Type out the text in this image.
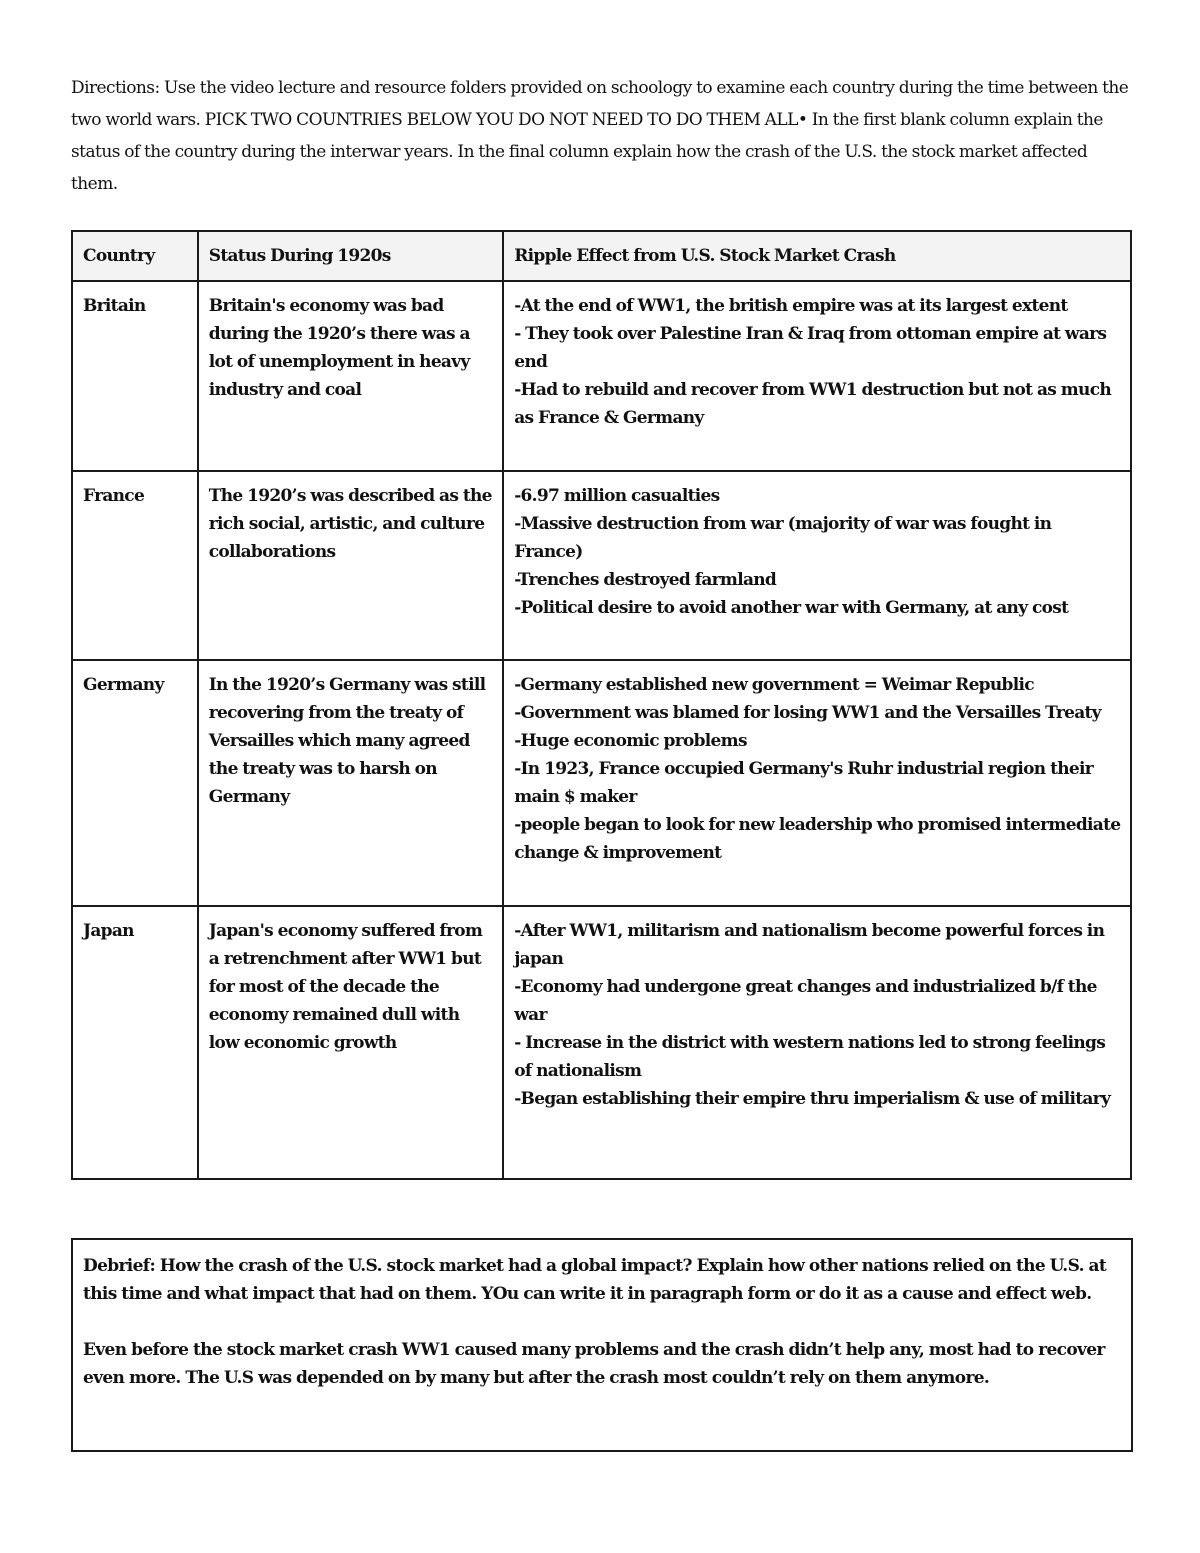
Directions: Use the video lecture and resource folders provided on schoology to examine each country during the time between the two world wars. PICK TWO COUNTRIES BELOW YOU DO NOT NEED TO DO THEM ALL• In the first blank column explain the status of the country during the interwar years. In the final column explain how the crash of the U.S. the stock market affected them.
Country	Status During 1920s	Ripple Effect from U.S. Stock Market Crash
Britain	Britain's economy was bad during the 1920’s there was a lot of unemployment in heavy industry and coal	-At the end of WW1, the british empire was at its largest extent
- They took over Palestine Iran & Iraq from ottoman empire at wars end
-Had to rebuild and recover from WW1 destruction but not as much as France & Germany

France	The 1920’s was described as the rich social, artistic, and culture collaborations	-6.97 million casualties
-Massive destruction from war (majority of war was fought in France)
-Trenches destroyed farmland
-Political desire to avoid another war with Germany, at any cost

Germany	In the 1920’s Germany was still recovering from the treaty of Versailles which many agreed the treaty was to harsh on Germany	-Germany established new government = Weimar Republic
-Government was blamed for losing WW1 and the Versailles Treaty
-Huge economic problems
-In 1923, France occupied Germany's Ruhr industrial region their main $ maker
-people began to look for new leadership who promised intermediate change & improvement

Japan	Japan's economy suffered from a retrenchment after WW1 but for most of the decade the economy remained dull with low economic growth	-After WW1, militarism and nationalism become powerful forces in japan
-Economy had undergone great changes and industrialized b/f the war
- Increase in the district with western nations led to strong feelings of nationalism
-Began establishing their empire thru imperialism & use of military

Debrief: How the crash of the U.S. stock market had a global impact? Explain how other nations relied on the U.S. at this time and what impact that had on them. YOu can write it in paragraph form or do it as a cause and effect web.

Even before the stock market crash WW1 caused many problems and the crash didn’t help any, most had to recover even more. The U.S was depended on by many but after the crash most couldn’t rely on them anymore.
